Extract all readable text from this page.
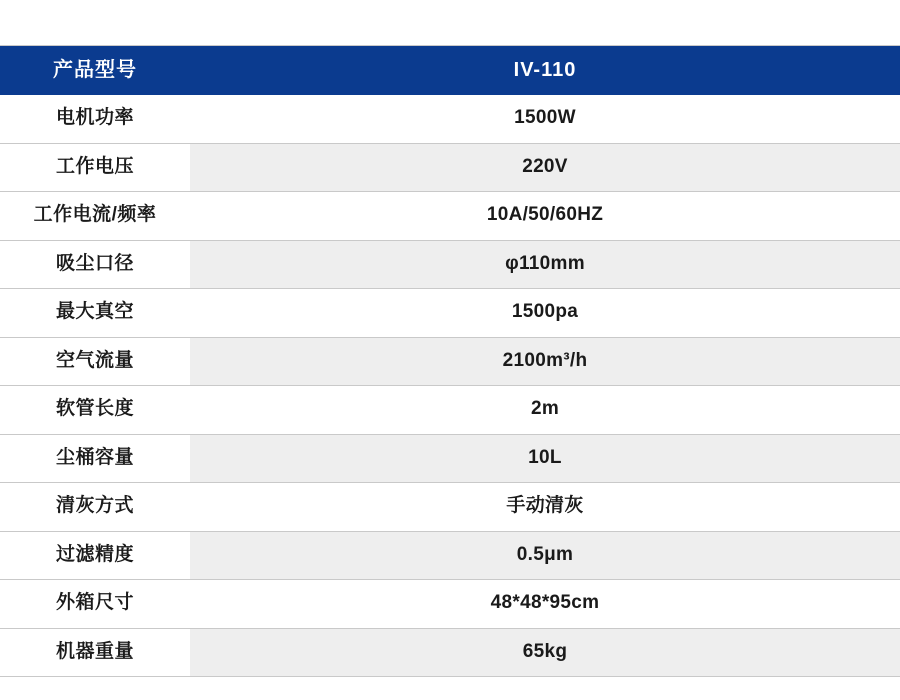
产品型号	IV-110
电机功率	1500W
工作电压	220V
工作电流/频率	10A/50/60HZ
吸尘口径	φ110mm
最大真空	1500pa
空气流量	2100m³/h
软管长度	2m
尘桶容量	10L
清灰方式	手动清灰
过滤精度	0.5μm
外箱尺寸	48*48*95cm
机器重量	65kg
